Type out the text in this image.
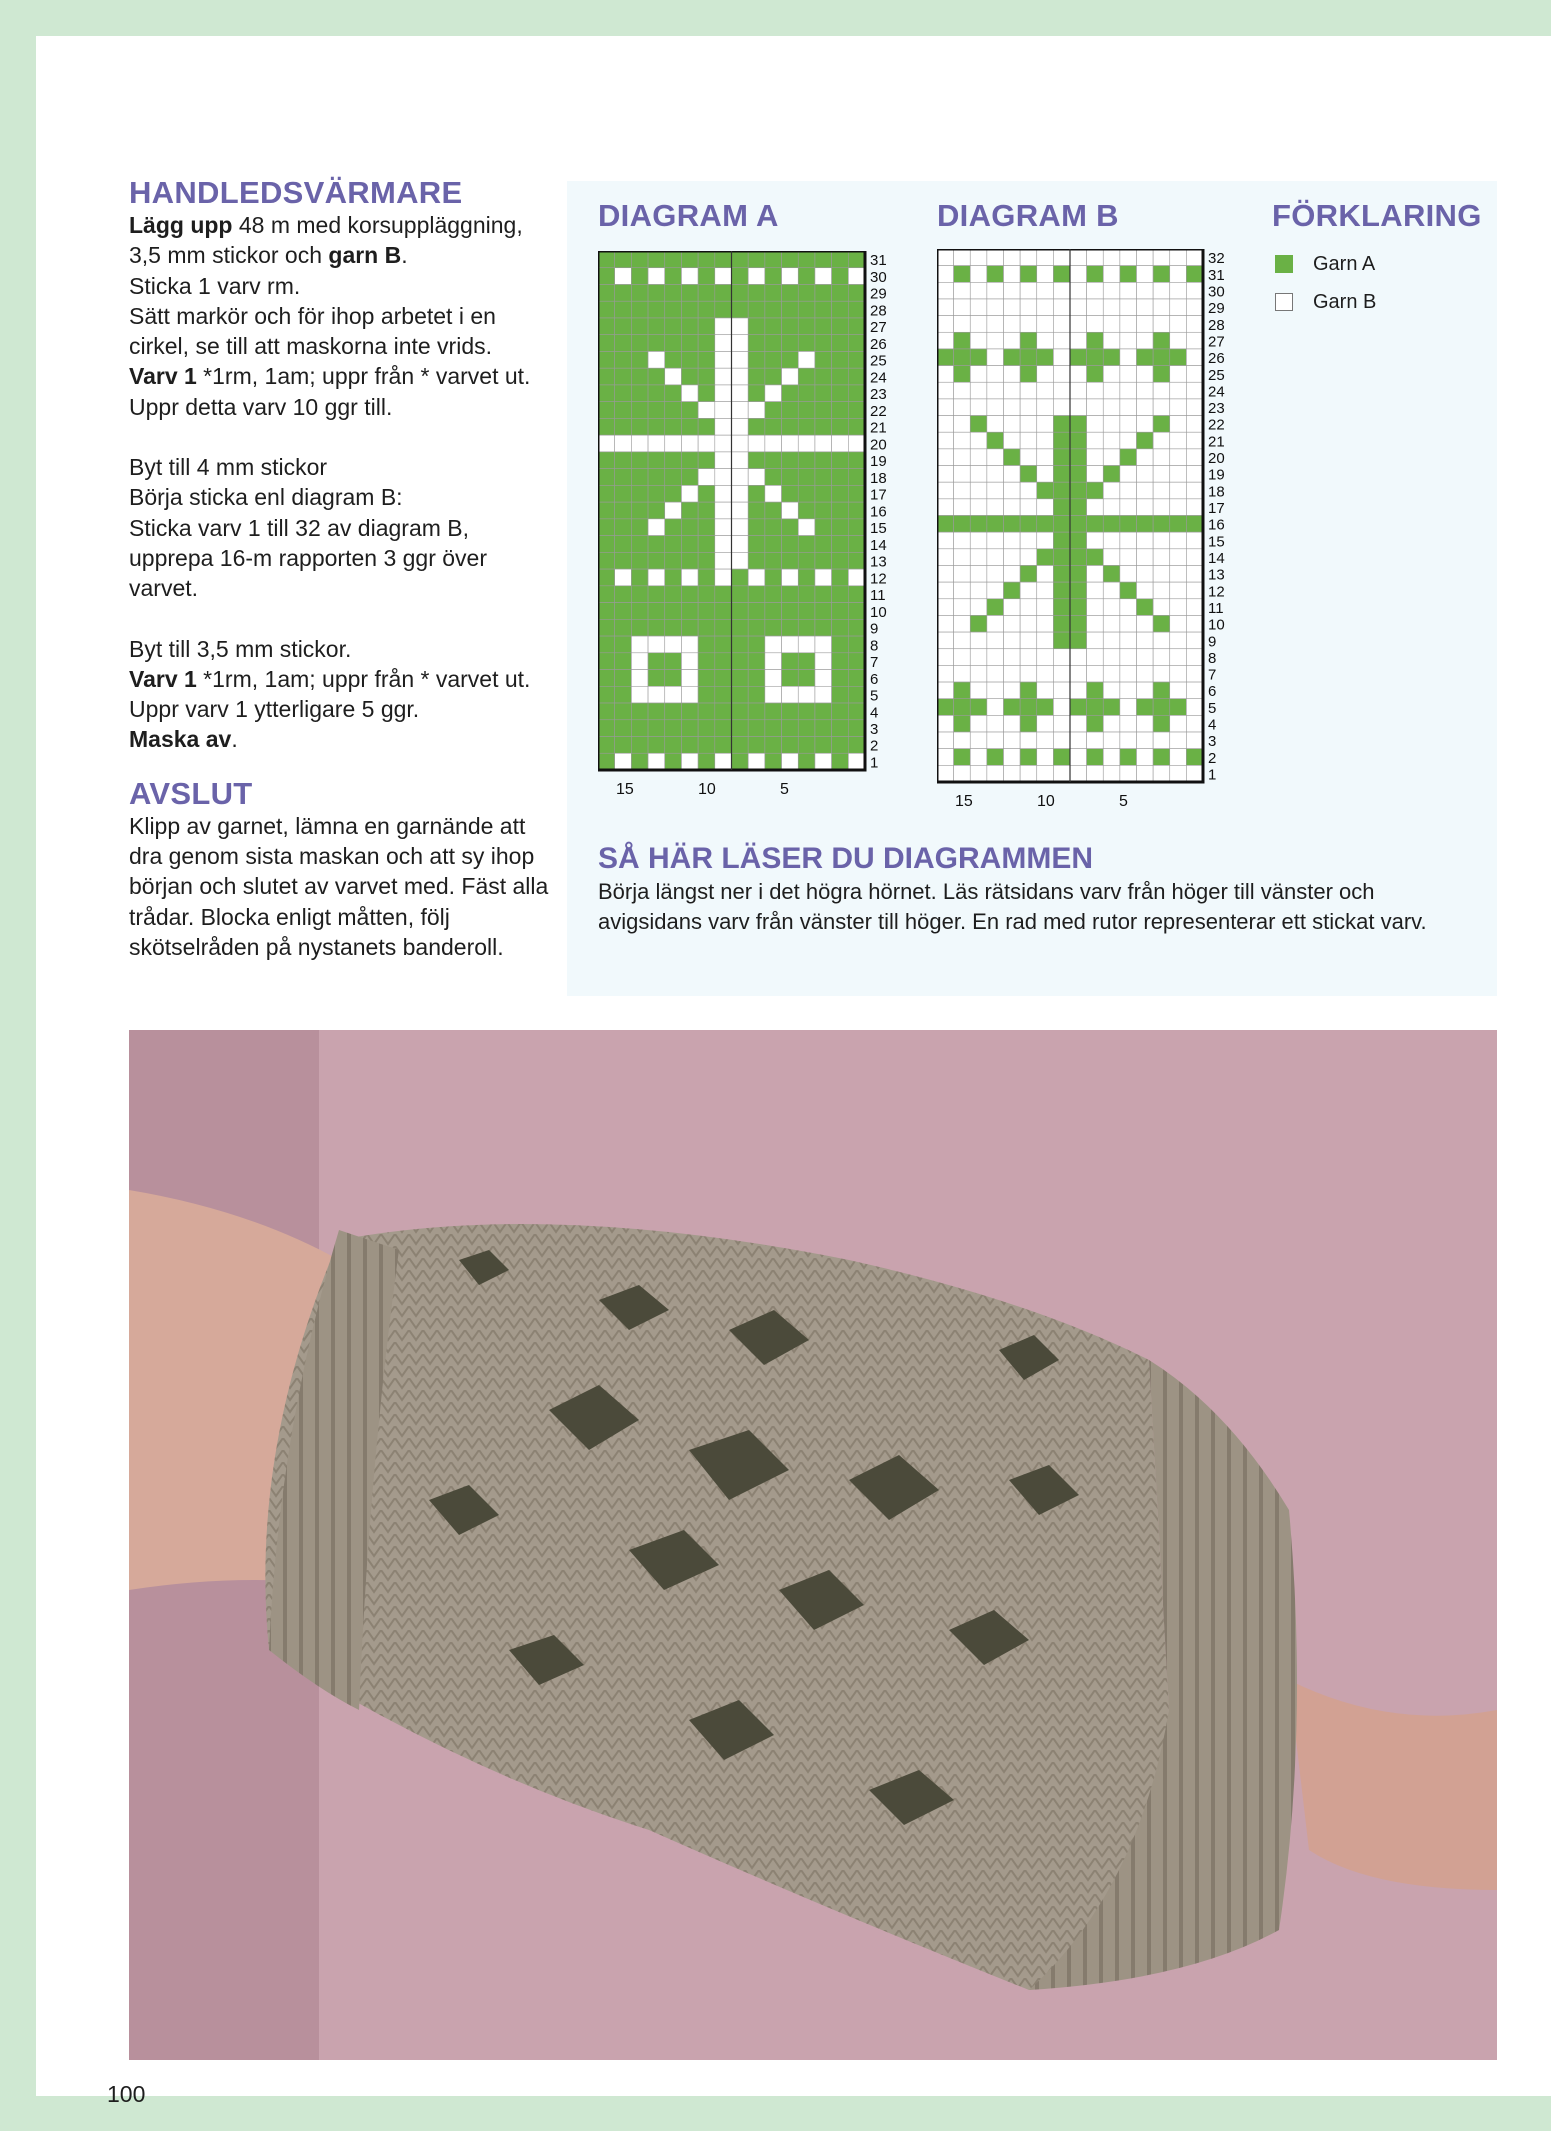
HANDLEDSVÄRMARE

Lägg upp 48 m med korsuppläggning, 3,5 mm stickor och garn B.

Sticka 1 varv rm.

Sätt markör och för ihop arbetet i en cirkel, se till att maskorna inte vrids.

Varv 1 *1rm, 1am; uppr från * varvet ut.

Uppr detta varv 10 ggr till.

Byt till 4 mm stickor

Börja sticka enl diagram B:

Sticka varv 1 till 32 av diagram B, upprepa 16-m rapporten 3 ggr över varvet.

Byt till 3,5 mm stickor.

Varv 1 *1rm, 1am; uppr från * varvet ut.

Uppr varv 1 ytterligare 5 ggr.

Maska av.

AVSLUT

Klipp av garnet, lämna en garnände att dra genom sista maskan och att sy ihop början och slutet av varvet med. Fäst alla trådar. Blocka enligt måtten, följ skötselråden på nystanets banderoll.

DIAGRAM A	DIAGRAM B	FÖRKLARING
31
30
29
28
27
26
25
24
23
22
21
20
19
18
17
16
15
14
13
12
11
10
9
8
7
6
5
4
3
2
1
15	10	5
32
31
30
29
28
27
26
25
24
23
22
21
20
19
18
17
16
15
14
13
12
11
10
9
8
7
6
5
4
3
2
1
15	10	5
Garn A
Garn B
SÅ HÄR LÄSER DU DIAGRAMMEN
Börja längst ner i det högra hörnet. Läs rätsidans varv från höger till vänster och avigsidans varv från vänster till höger. En rad med rutor representerar ett stickat varv.
100
